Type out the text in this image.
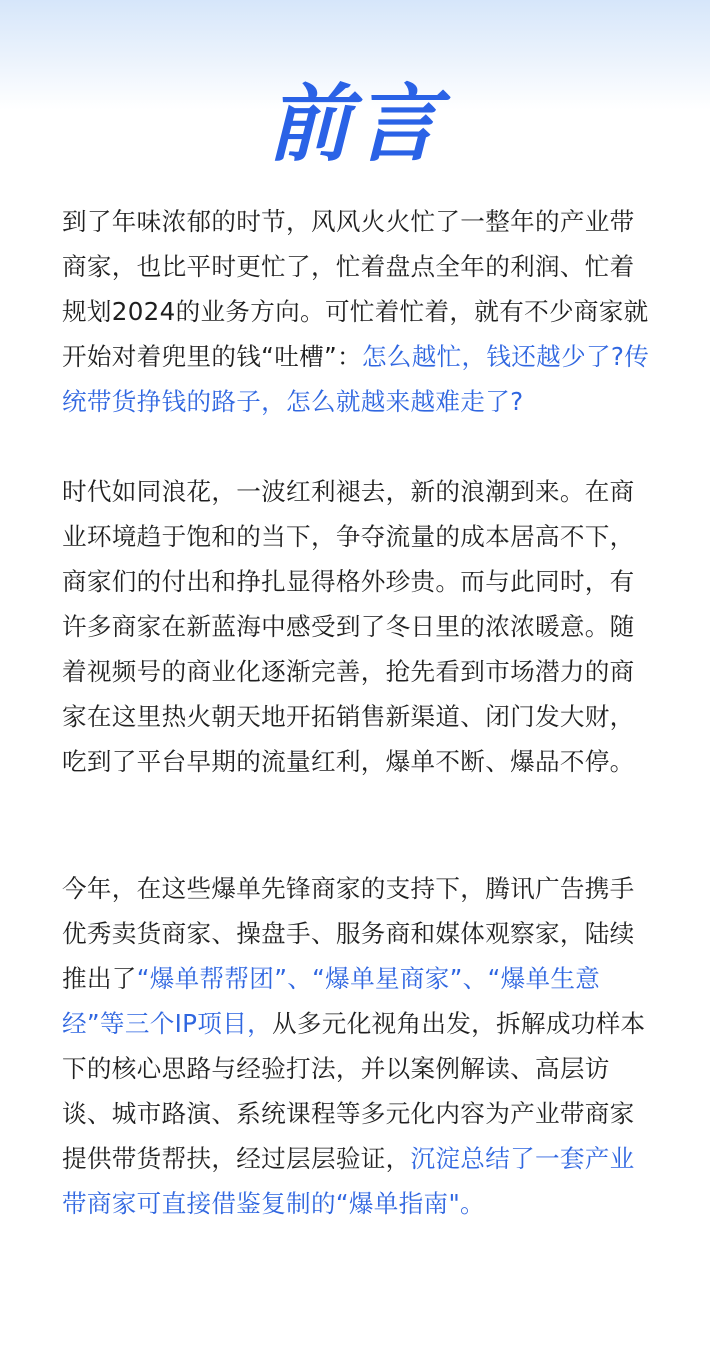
前言

到了年味浓郁的时节，风风火火忙了一整年的产业带商家，也比平时更忙了，忙着盘点全年的利润、忙着规划2024的业务方向。可忙着忙着，就有不少商家就开始对着兜里的钱“吐槽”：怎么越忙，钱还越少了?传统带货挣钱的路子，怎么就越来越难走了?

时代如同浪花，一波红利褪去，新的浪潮到来。在商业环境趋于饱和的当下，争夺流量的成本居高不下，商家们的付出和挣扎显得格外珍贵。而与此同时，有许多商家在新蓝海中感受到了冬日里的浓浓暖意。随着视频号的商业化逐渐完善，抢先看到市场潜力的商家在这里热火朝天地开拓销售新渠道、闭门发大财，吃到了平台早期的流量红利，爆单不断、爆品不停。

今年，在这些爆单先锋商家的支持下，腾讯广告携手优秀卖货商家、操盘手、服务商和媒体观察家，陆续推出了“爆单帮帮团”、“爆单星商家”、“爆单生意经”等三个IP项目，从多元化视角出发，拆解成功样本下的核心思路与经验打法，并以案例解读、高层访谈、城市路演、系统课程等多元化内容为产业带商家提供带货帮扶，经过层层验证，沉淀总结了一套产业带商家可直接借鉴复制的“爆单指南"。
